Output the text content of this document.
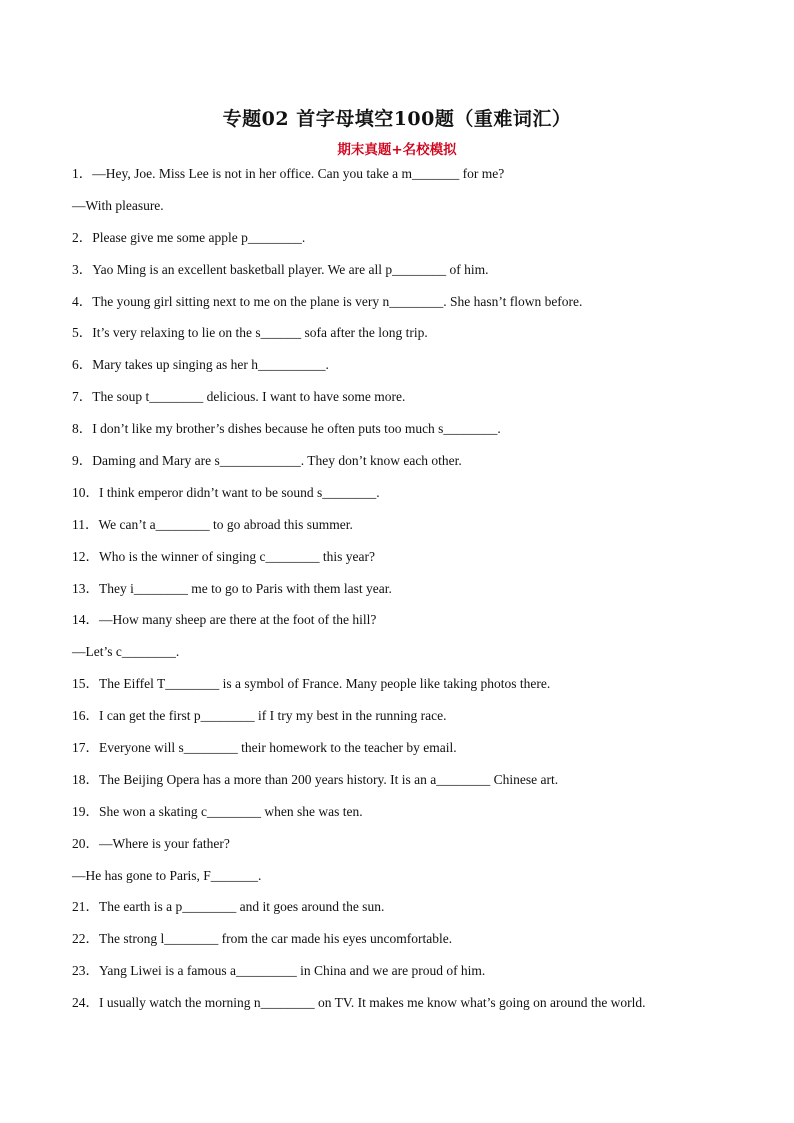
专题02 首字母填空100题（重难词汇）
期末真题+名校模拟
1．—Hey, Joe. Miss Lee is not in her office. Can you take a m_______ for me?
—With pleasure.
2．Please give me some apple p________.
3．Yao Ming is an excellent basketball player. We are all p________ of him.
4．The young girl sitting next to me on the plane is very n________. She hasn’t flown before.
5．It’s very relaxing to lie on the s______ sofa after the long trip.
6．Mary takes up singing as her h__________.
7．The soup t________ delicious. I want to have some more.
8．I don’t like my brother’s dishes because he often puts too much s________.
9．Daming and Mary are s____________. They don’t know each other.
10．I think emperor didn’t want to be sound s________.
11．We can’t a________ to go abroad this summer.
12．Who is the winner of singing c________ this year?
13．They i________ me to go to Paris with them last year.
14．—How many sheep are there at the foot of the hill?
—Let’s c________.
15．The Eiffel T________ is a symbol of France. Many people like taking photos there.
16．I can get the first p________ if I try my best in the running race.
17．Everyone will s________ their homework to the teacher by email.
18．The Beijing Opera has a more than 200 years history. It is an a________ Chinese art.
19．She won a skating c________ when she was ten.
20．—Where is your father?
—He has gone to Paris, F_______.
21．The earth is a p________ and it goes around the sun.
22．The strong l________ from the car made his eyes uncomfortable.
23．Yang Liwei is a famous a_________ in China and we are proud of him.
24．I usually watch the morning n________ on TV. It makes me know what’s going on around the world.
